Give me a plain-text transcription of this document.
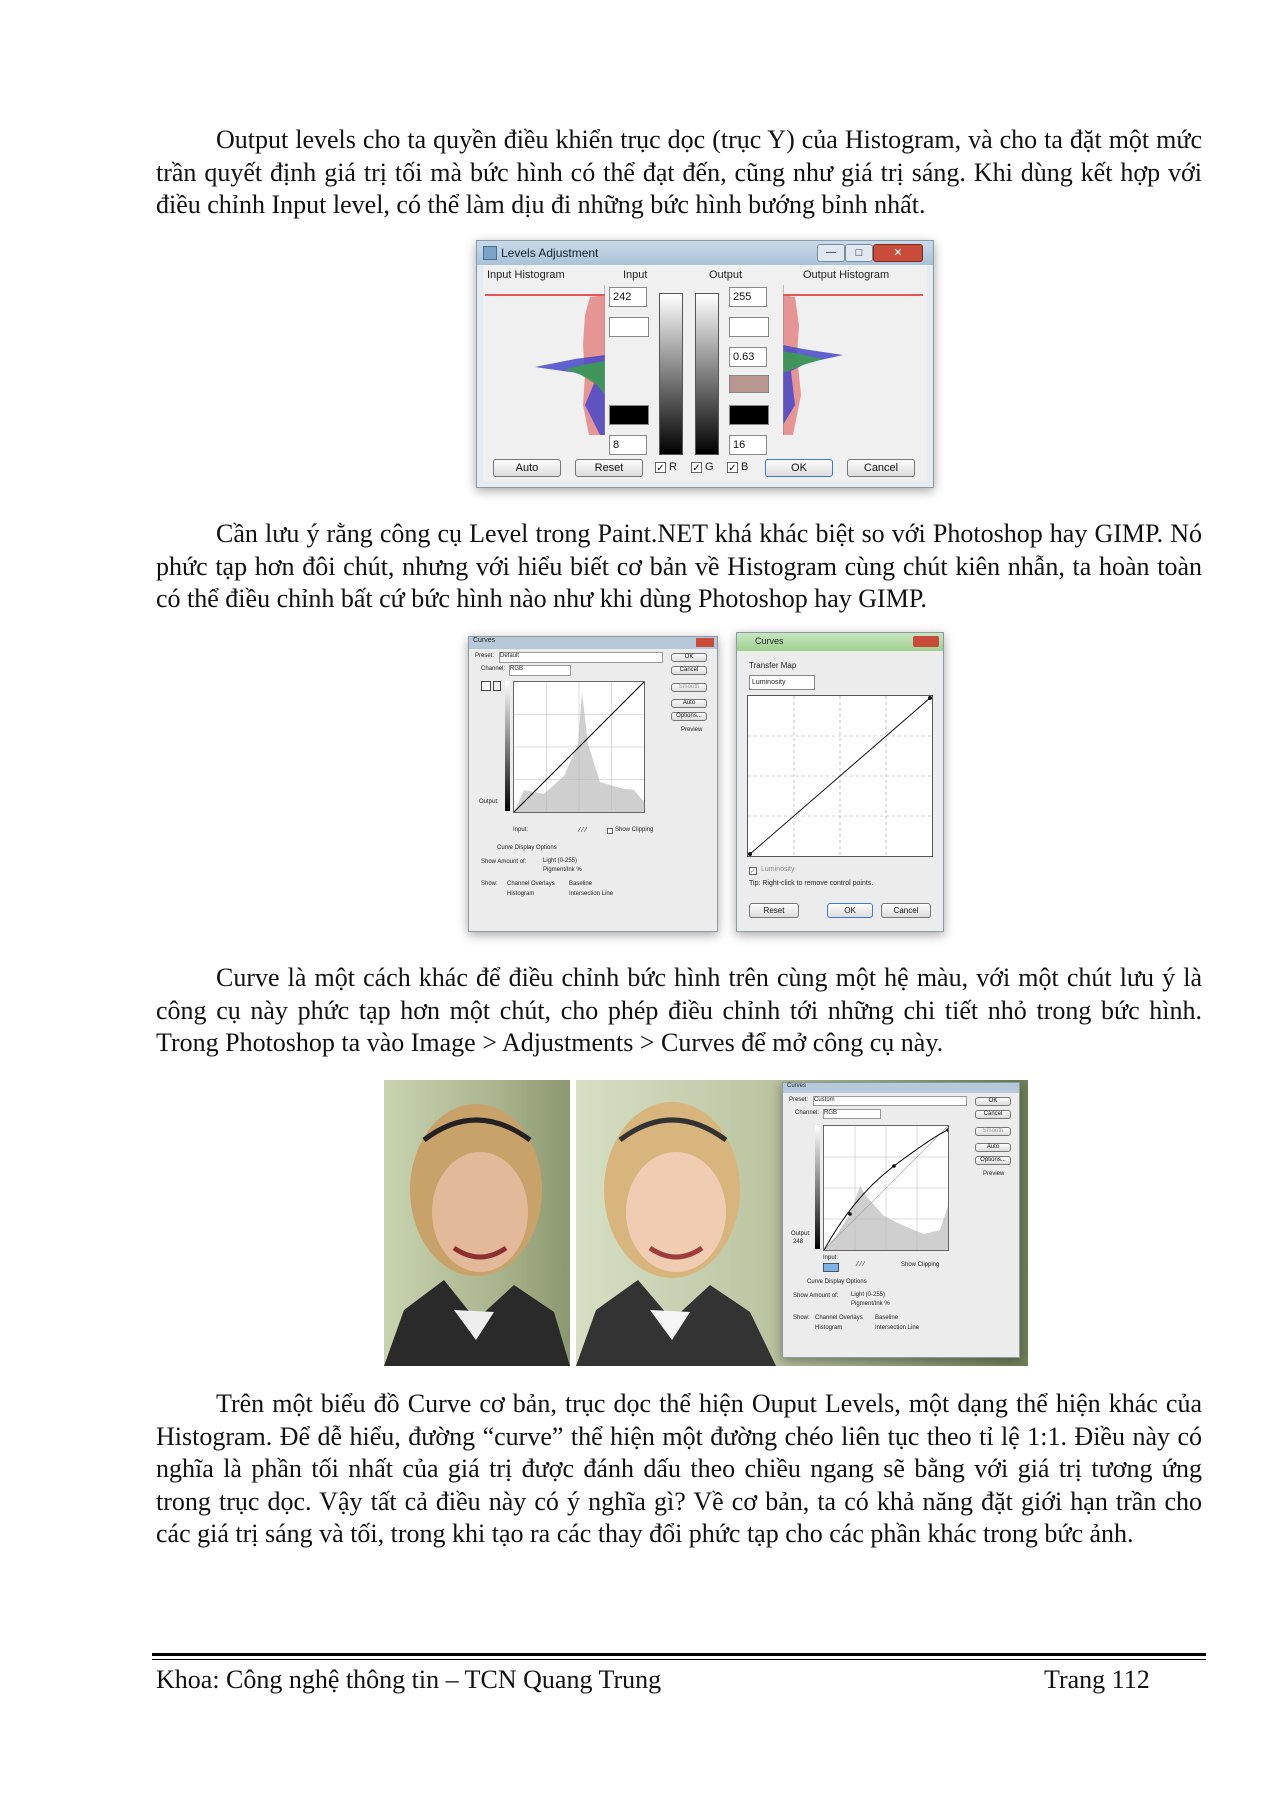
Output levels cho ta quyền điều khiển trục dọc (trục Y) của Histogram, và cho ta đặt một mức trần quyết định giá trị tối mà bức hình có thể đạt đến, cũng như giá trị sáng. Khi dùng kết hợp với điều chỉnh Input level, có thể làm dịu đi những bức hình bướng bỉnh nhất.

Levels Adjustment	—	□	✕
Input Histogram	Input	Output	Output Histogram
242
8
255
0.63
16
Auto	Reset	✓ R ✓ G ✓ B	OK	Cancel

Cần lưu ý rằng công cụ Level trong Paint.NET khá khác biệt so với Photoshop hay GIMP. Nó phức tạp hơn đôi chút, nhưng với hiểu biết cơ bản về Histogram cùng chút kiên nhẫn, ta hoàn toàn có thể điều chỉnh bất cứ bức hình nào như khi dùng Photoshop hay GIMP.

Curves
Preset: Default
Channel: RGB
Output:
Input:	⁄ ⁄ ⁄	Show Clipping
Curve Display Options
Show Amount of:	Light (0-255)
Pigment/Ink %
Show: Channel Overlays Baseline
Histogram	Intersection Line
OK
Cancel
Smooth
Auto
Options...
Preview
Curves
Transfer Map
Luminosity
✓ Luminosity
Tip: Right-click to remove control points.
Reset	OK	Cancel

Curve là một cách khác để điều chỉnh bức hình trên cùng một hệ màu, với một chút lưu ý là công cụ này phức tạp hơn một chút, cho phép điều chỉnh tới những chi tiết nhỏ trong bức hình. Trong Photoshop ta vào Image > Adjustments > Curves để mở công cụ này.

Curves
Preset: Custom
Channel: RGB
Output:
248
Input:
⁄ ⁄ ⁄	Show Clipping
Curve Display Options
Show Amount of: Light (0-255)
Pigment/Ink %
Show: Channel Overlays Baseline
Histogram	Intersection Line
OK
Cancel
Smooth
Auto
Options...
Preview

Trên một biểu đồ Curve cơ bản, trục dọc thể hiện Ouput Levels, một dạng thể hiện khác của Histogram. Để dễ hiểu, đường “curve” thể hiện một đường chéo liên tục theo tỉ lệ 1:1. Điều này có nghĩa là phần tối nhất của giá trị được đánh dấu theo chiều ngang sẽ bằng với giá trị tương ứng trong trục dọc. Vậy tất cả điều này có ý nghĩa gì? Về cơ bản, ta có khả năng đặt giới hạn trần cho các giá trị sáng và tối, trong khi tạo ra các thay đổi phức tạp cho các phần khác trong bức ảnh.

Khoa: Công nghệ thông tin – TCN Quang Trung	Trang 112
